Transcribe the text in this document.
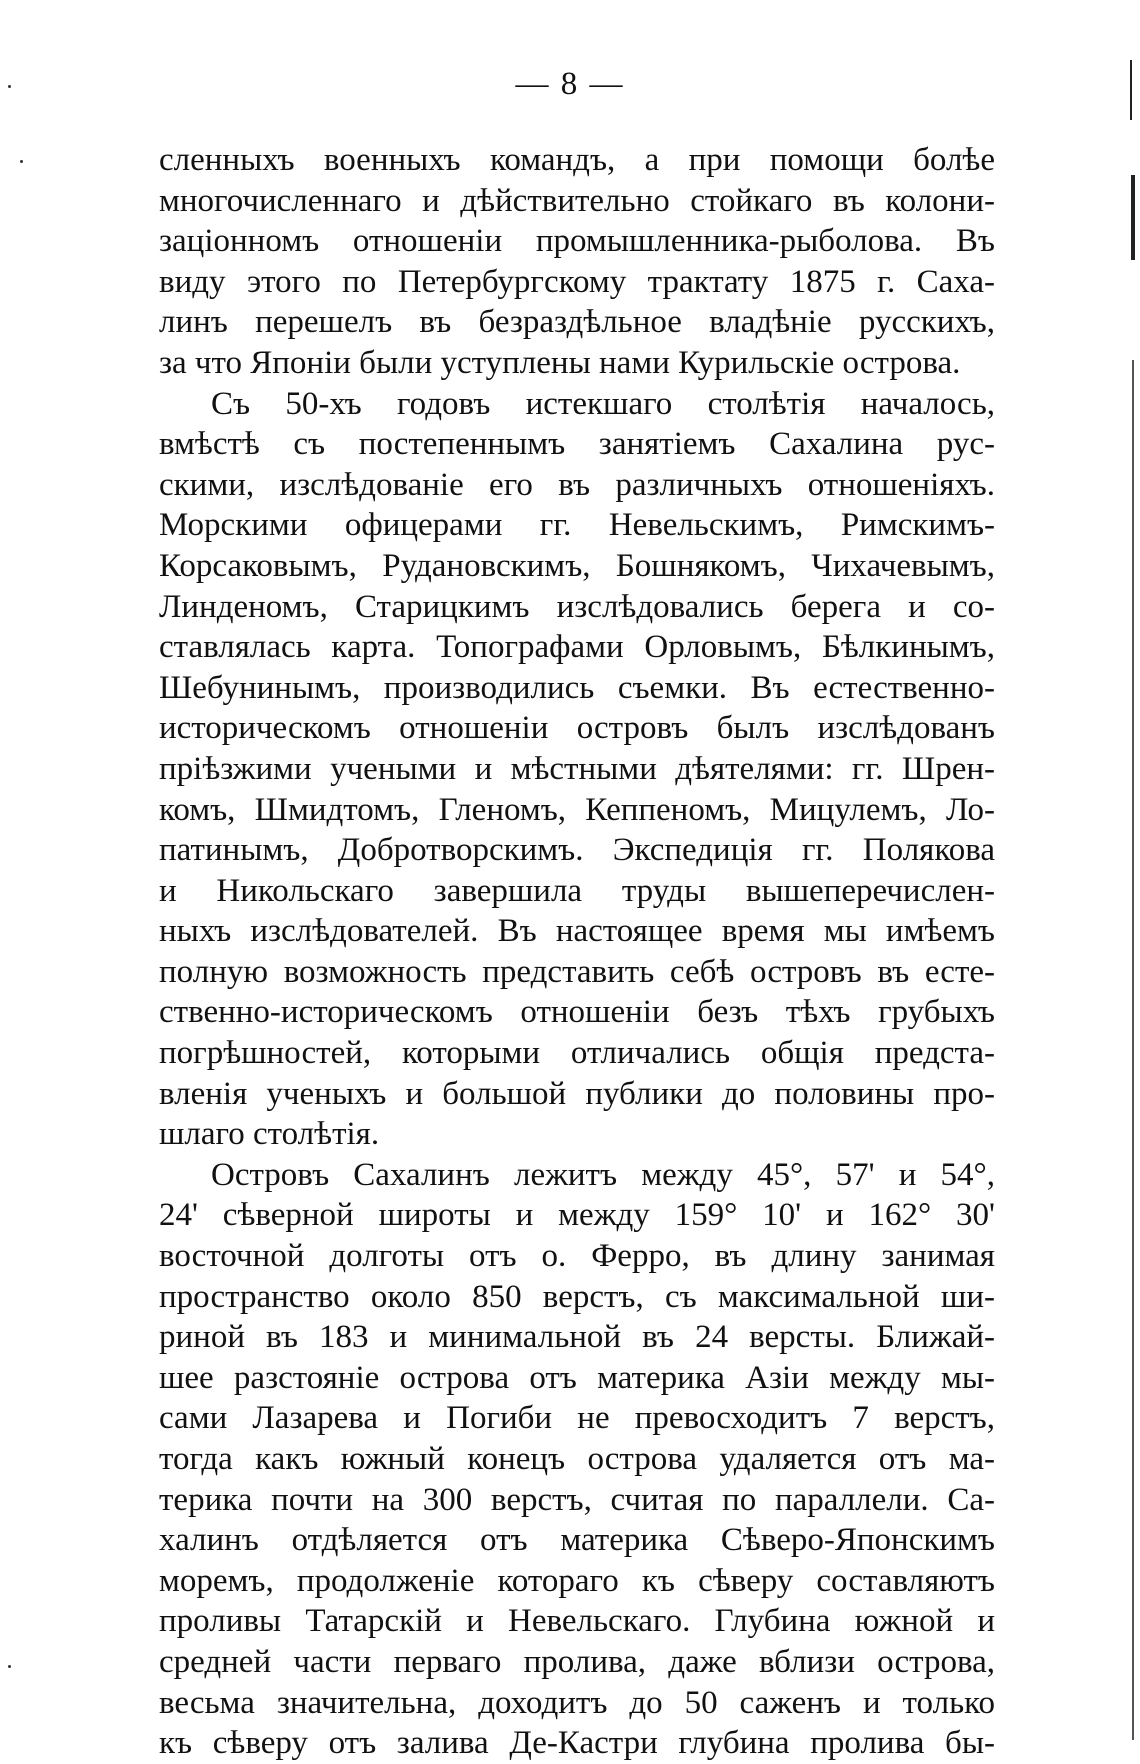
— 8 —
сленныхъ военныхъ командъ, а при помощи болѣе
многочисленнаго и дѣйствительно стойкаго въ колони-
заціонномъ отношеніи промышленника-рыболова. Въ
виду этого по Петербургскому трактату 1875 г. Саха-
линъ перешелъ въ безраздѣльное владѣніе русскихъ,
за что Японіи были уступлены нами Курильскіе острова.
Съ 50-хъ годовъ истекшаго столѣтія началось,
вмѣстѣ съ постепеннымъ занятіемъ Сахалина рус-
скими, изслѣдованіе его въ различныхъ отношеніяхъ.
Морскими офицерами гг. Невельскимъ, Римскимъ-
Корсаковымъ, Рудановскимъ, Бошнякомъ, Чихачевымъ,
Линденомъ, Старицкимъ изслѣдовались берега и со-
ставлялась карта. Топографами Орловымъ, Бѣлкинымъ,
Шебунинымъ, производились съемки. Въ естественно-
историческомъ отношеніи островъ былъ изслѣдованъ
пріѣзжими учеными и мѣстными дѣятелями: гг. Шрен-
комъ, Шмидтомъ, Гленомъ, Кеппеномъ, Мицулемъ, Ло-
патинымъ, Добротворскимъ. Экспедиція гг. Полякова
и Никольскаго завершила труды вышеперечислен-
ныхъ изслѣдователей. Въ настоящее время мы имѣемъ
полную возможность представить себѣ островъ въ есте-
ственно-историческомъ отношеніи безъ тѣхъ грубыхъ
погрѣшностей, которыми отличались общія предста-
вленія ученыхъ и большой публики до половины про-
шлаго столѣтія.
Островъ Сахалинъ лежитъ между 45°, 57' и 54°,
24' сѣверной широты и между 159° 10' и 162° 30'
восточной долготы отъ о. Ферро, въ длину занимая
пространство около 850 верстъ, съ максимальной ши-
риной въ 183 и минимальной въ 24 версты. Ближай-
шее разстояніе острова отъ материка Азіи между мы-
сами Лазарева и Погиби не превосходитъ 7 верстъ,
тогда какъ южный конецъ острова удаляется отъ ма-
терика почти на 300 верстъ, считая по параллели. Са-
халинъ отдѣляется отъ материка Сѣверо-Японскимъ
моремъ, продолженіе котораго къ сѣверу составляютъ
проливы Татарскій и Невельскаго. Глубина южной и
средней части перваго пролива, даже вблизи острова,
весьма значительна, доходитъ до 50 саженъ и только
къ сѣверу отъ залива Де-Кастри глубина пролива бы-
